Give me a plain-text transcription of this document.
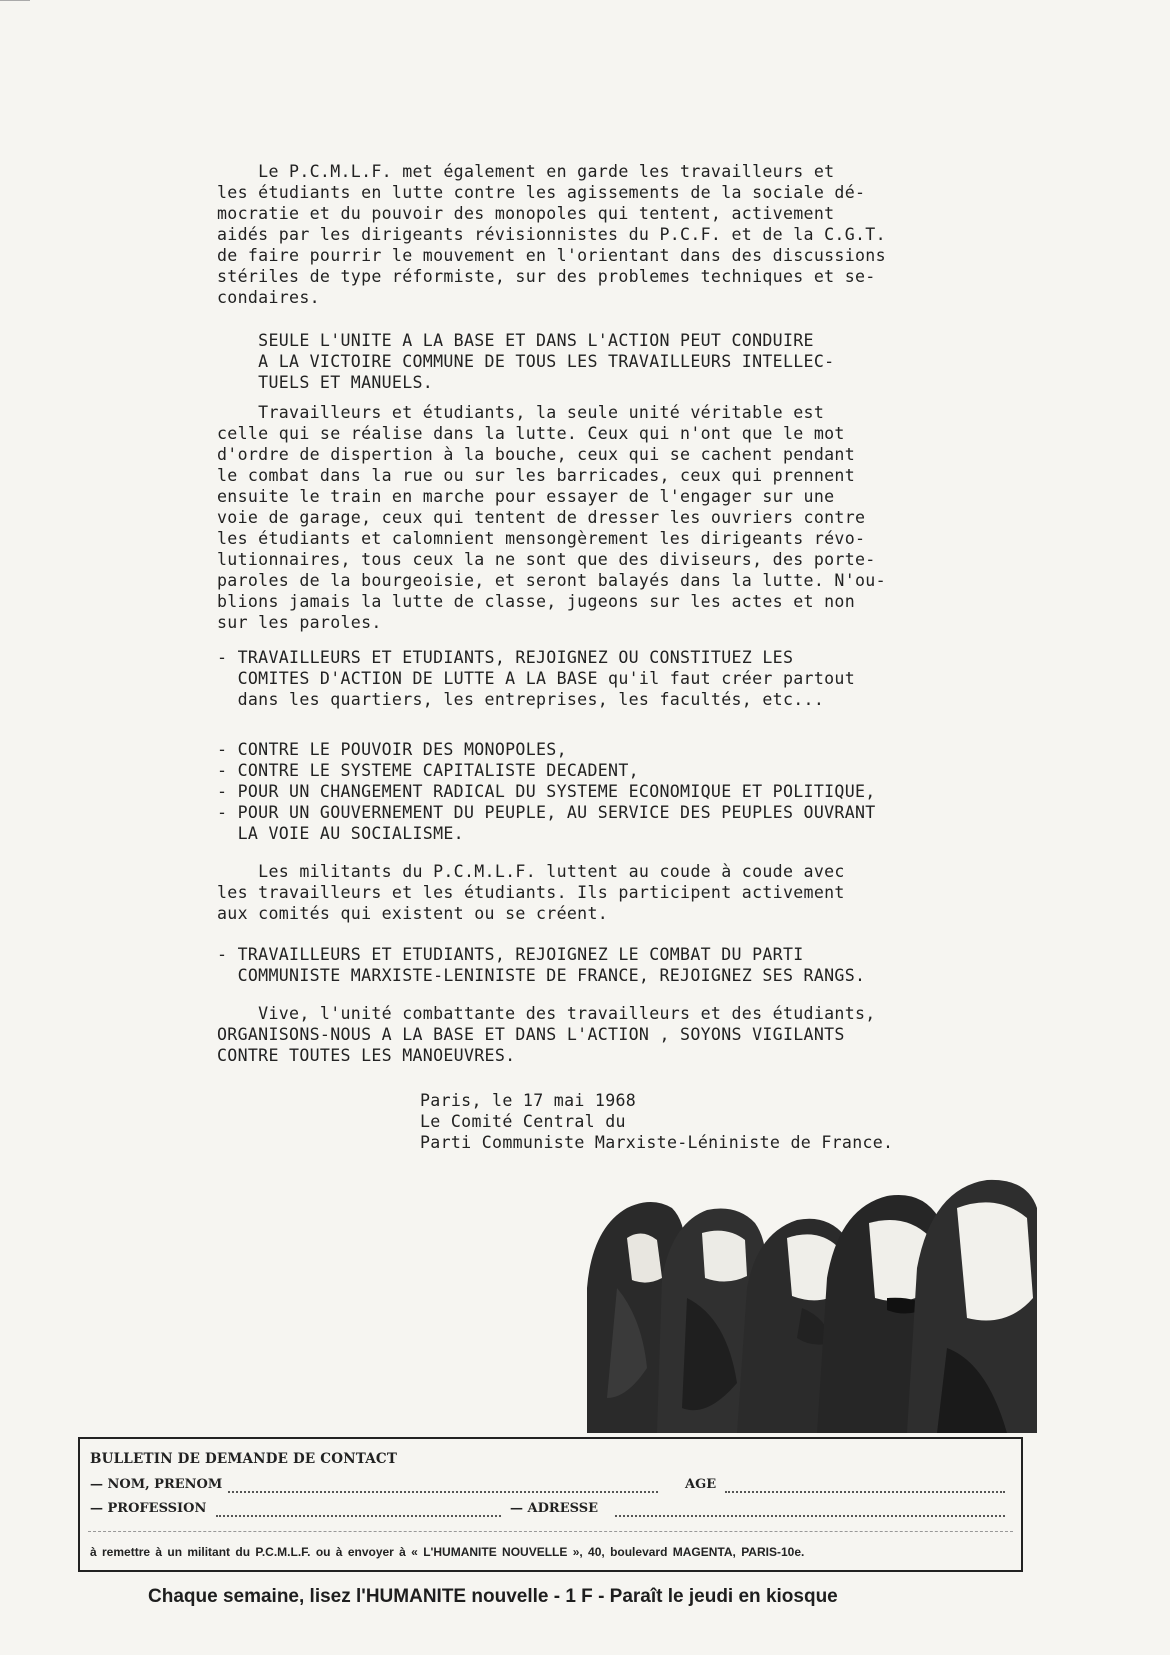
Le P.C.M.L.F. met également en garde les travailleurs et
les étudiants en lutte contre les agissements de la sociale dé-
mocratie et du pouvoir des monopoles qui tentent, activement
aidés par les dirigeants révisionnistes du P.C.F. et de la C.G.T.
de faire pourrir le mouvement en l'orientant dans des discussions
stériles de type réformiste, sur des problemes techniques et se-
condaires.
SEULE L'UNITE A LA BASE ET DANS L'ACTION PEUT CONDUIRE
A LA VICTOIRE COMMUNE DE TOUS LES TRAVAILLEURS INTELLEC-
TUELS ET MANUELS.
Travailleurs et étudiants, la seule unité véritable est
celle qui se réalise dans la lutte. Ceux qui n'ont que le mot
d'ordre de dispertion à la bouche, ceux qui se cachent pendant
le combat dans la rue ou sur les barricades, ceux qui prennent
ensuite le train en marche pour essayer de l'engager sur une
voie de garage, ceux qui tentent de dresser les ouvriers contre
les étudiants et calomnient mensongèrement les dirigeants révo-
lutionnaires, tous ceux la ne sont que des diviseurs, des porte-
paroles de la bourgeoisie, et seront balayés dans la lutte. N'ou-
blions jamais la lutte de classe, jugeons sur les actes et non
sur les paroles.
- TRAVAILLEURS ET ETUDIANTS, REJOIGNEZ OU CONSTITUEZ LES
COMITES D'ACTION DE LUTTE A LA BASE qu'il faut créer partout
dans les quartiers, les entreprises, les facultés, etc...
- CONTRE LE POUVOIR DES MONOPOLES,
- CONTRE LE SYSTEME CAPITALISTE DECADENT,
- POUR UN CHANGEMENT RADICAL DU SYSTEME ECONOMIQUE ET POLITIQUE,
- POUR UN GOUVERNEMENT DU PEUPLE, AU SERVICE DES PEUPLES OUVRANT
LA VOIE AU SOCIALISME.
Les militants du P.C.M.L.F. luttent au coude à coude avec
les travailleurs et les étudiants. Ils participent activement
aux comités qui existent ou se créent.
- TRAVAILLEURS ET ETUDIANTS, REJOIGNEZ LE COMBAT DU PARTI
COMMUNISTE MARXISTE-LENINISTE DE FRANCE, REJOIGNEZ SES RANGS.
Vive, l'unité combattante des travailleurs et des étudiants,
ORGANISONS-NOUS A LA BASE ET DANS L'ACTION , SOYONS VIGILANTS
CONTRE TOUTES LES MANOEUVRES.
Paris, le 17 mai 1968
Le Comité Central du
Parti Communiste Marxiste-Léniniste de France.
BULLETIN DE DEMANDE DE CONTACT
— NOM, PRENOM	AGE
— PROFESSION	— ADRESSE
à remettre à un militant du P.C.M.L.F. ou à envoyer à « L'HUMANITE NOUVELLE », 40, boulevard MAGENTA, PARIS-10e.
Chaque semaine, lisez l'HUMANITE nouvelle - 1 F - Paraît le jeudi en kiosque
